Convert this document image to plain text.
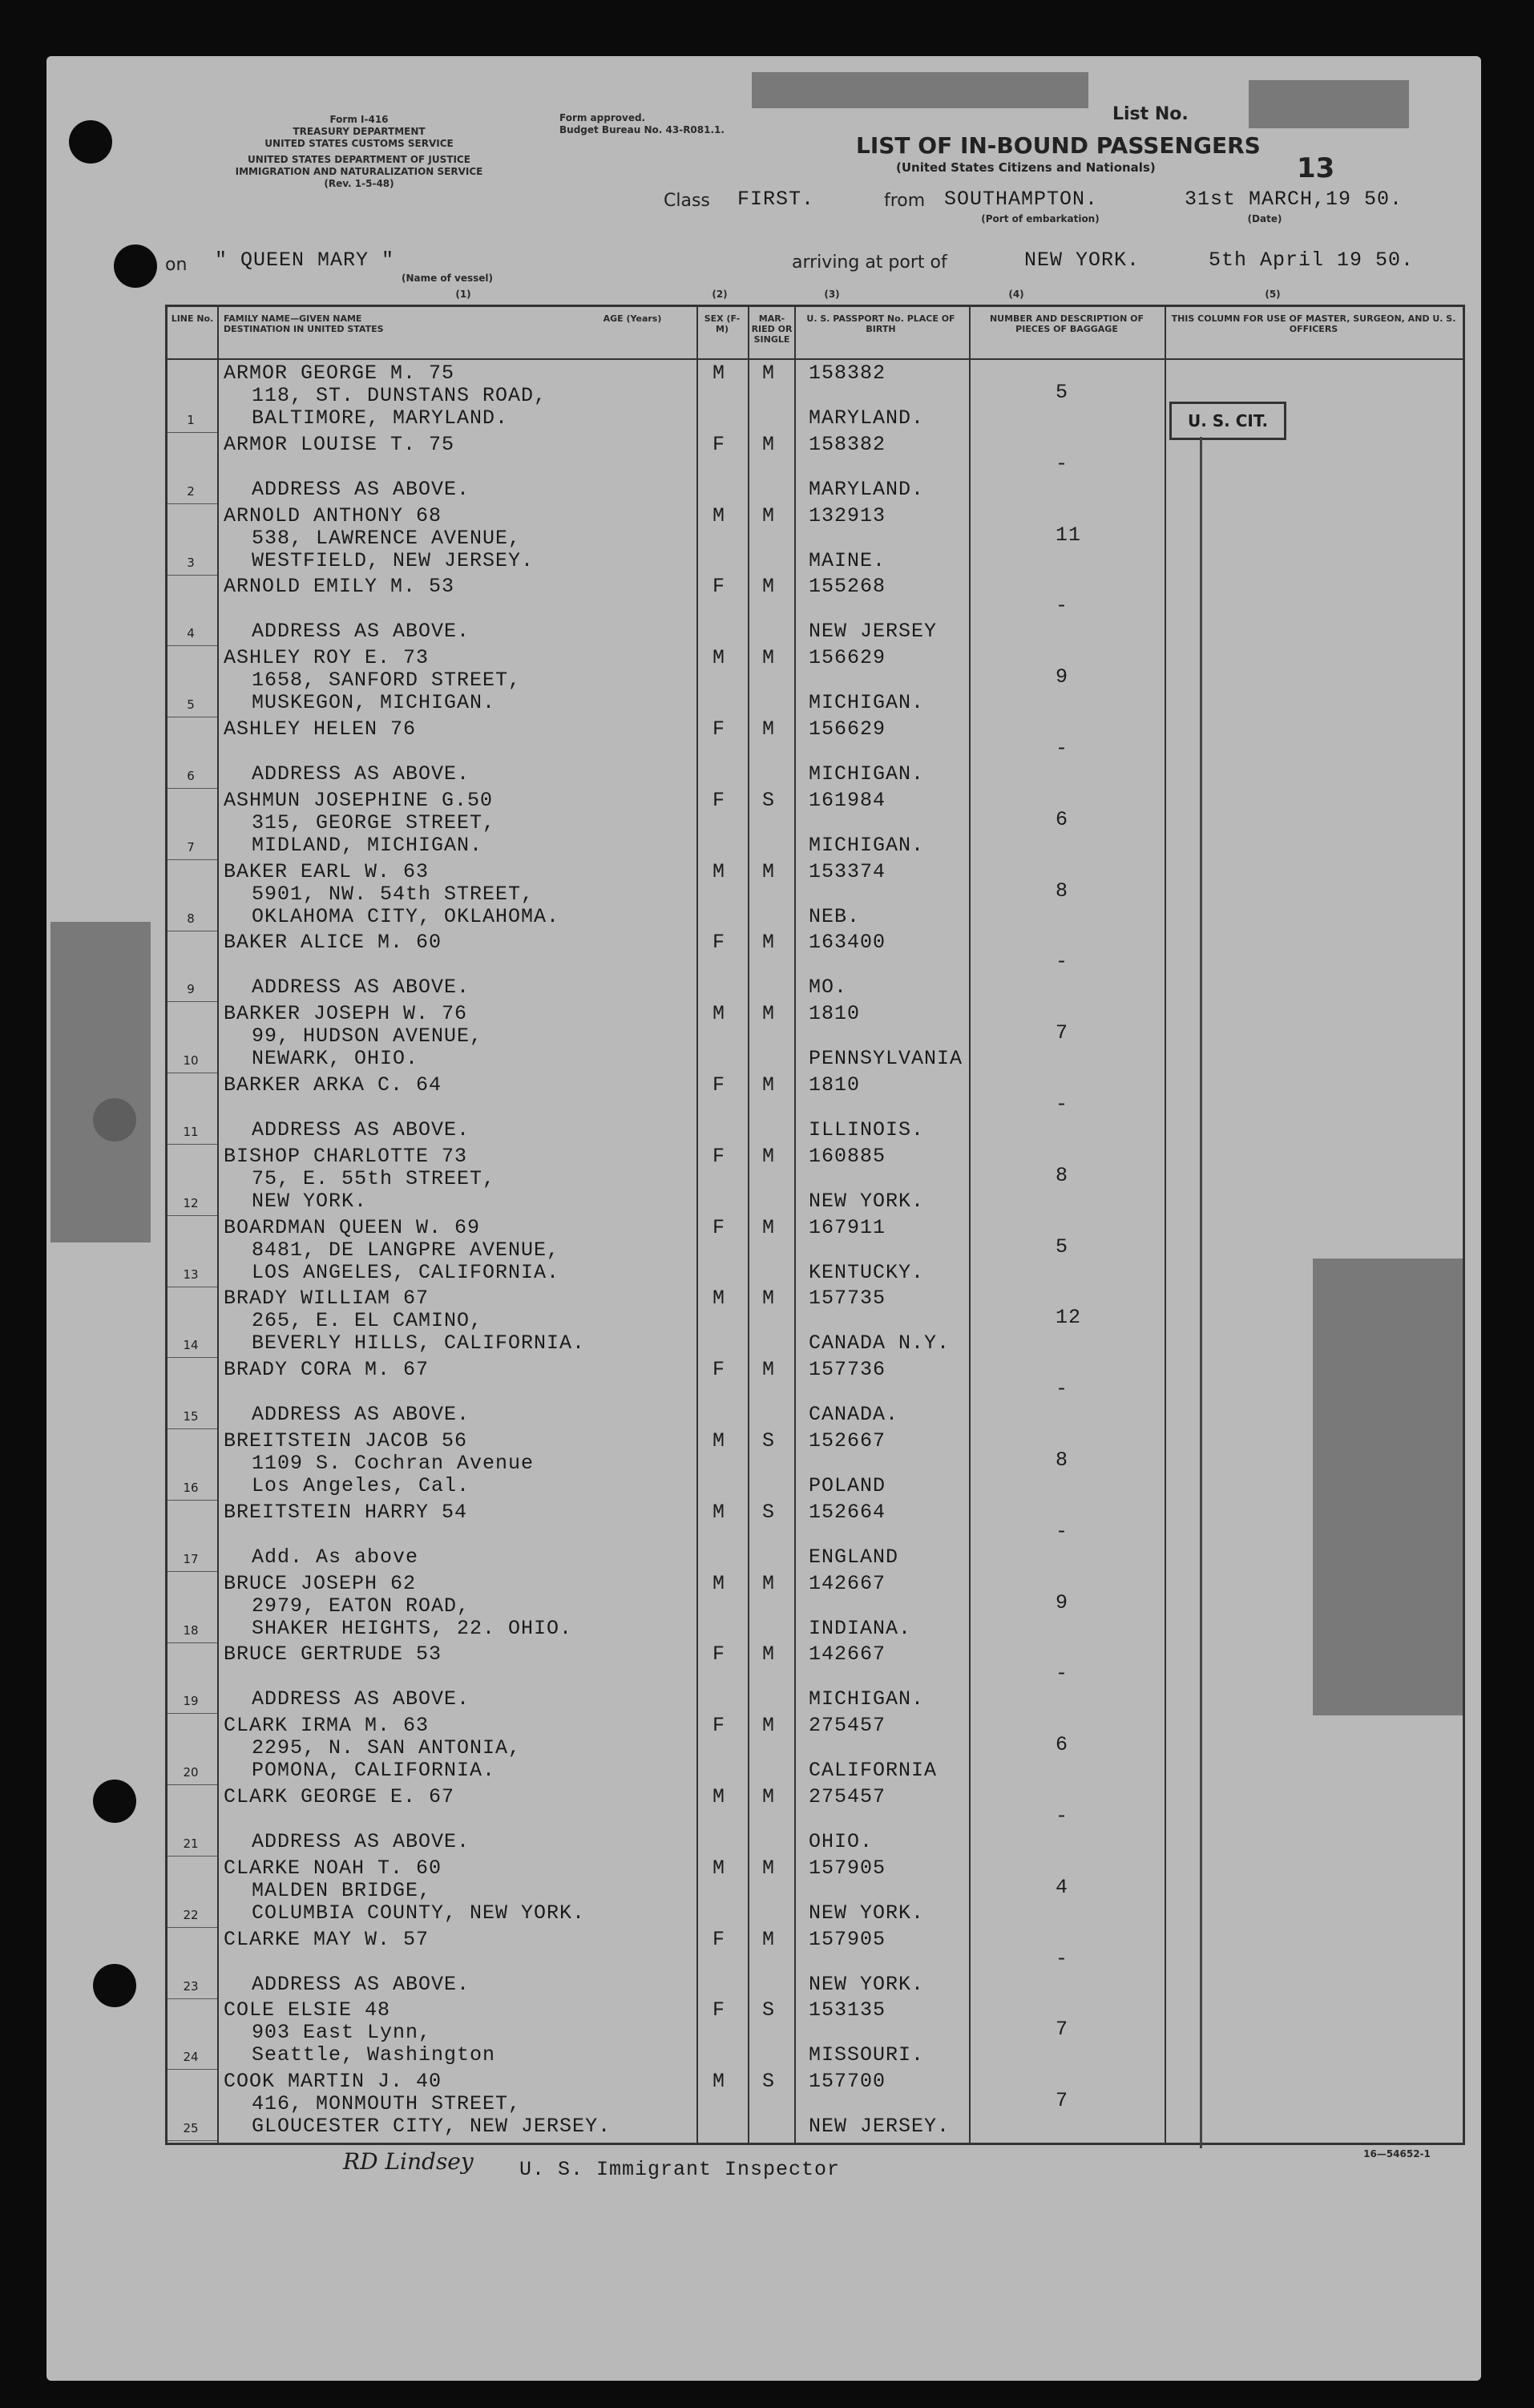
Form I-416
TREASURY DEPARTMENT
UNITED STATES CUSTOMS SERVICE
UNITED STATES DEPARTMENT OF JUSTICE
IMMIGRATION AND NATURALIZATION SERVICE
(Rev. 1-5-48)
Form approved.
Budget Bureau No. 43-R081.1.
List No.
13
LIST OF IN-BOUND PASSENGERS
(United States Citizens and Nationals)
Class FIRST.	from SOUTHAMPTON.
(Port of embarkation)
31st MARCH,19 50.
(Date)
on " QUEEN MARY "
(Name of vessel)
arriving at port of	NEW YORK.	5th April 19 50.
(1)	(2)	(3)	(4)	(5)
LINE No.	FAMILY NAME—GIVEN NAME
DESTINATION IN UNITED STATES
AGE (Years)	SEX (F-M)
MAR-RIED OR SINGLE
U. S. PASSPORT No. PLACE OF BIRTH
NUMBER AND DESCRIPTION OF PIECES OF BAGGAGE
THIS COLUMN FOR USE OF MASTER, SURGEON, AND U. S. OFFICERS
U. S. CIT.
1
ARMOR GEORGE M. 75
118, ST. DUNSTANS ROAD,
BALTIMORE, MARYLAND.
M M 158382
MARYLAND.
5
2
ARMOR LOUISE T. 75
ADDRESS AS ABOVE.
F M 158382
MARYLAND.
-
3
ARNOLD ANTHONY 68
538, LAWRENCE AVENUE,
WESTFIELD, NEW JERSEY.
M M 132913
MAINE.
11
4
ARNOLD EMILY M. 53
ADDRESS AS ABOVE.
F M 155268
NEW JERSEY
-
5
ASHLEY ROY E. 73
1658, SANFORD STREET,
MUSKEGON, MICHIGAN.
M M 156629
MICHIGAN.
9
6
ASHLEY HELEN 76
ADDRESS AS ABOVE.
F M 156629
MICHIGAN.
-
7
ASHMUN JOSEPHINE G.50
315, GEORGE STREET,
MIDLAND, MICHIGAN.
F S 161984
MICHIGAN.
6
8
BAKER EARL W. 63
5901, NW. 54th STREET,
OKLAHOMA CITY, OKLAHOMA.
M M 153374
NEB.
8
9
BAKER ALICE M. 60
ADDRESS AS ABOVE.
F M 163400
MO.
-
10
BARKER JOSEPH W. 76
99, HUDSON AVENUE,
NEWARK, OHIO.
M M 1810
PENNSYLVANIA
7
11
BARKER ARKA C. 64
ADDRESS AS ABOVE.
F M 1810
ILLINOIS.
-
12
BISHOP CHARLOTTE 73
75, E. 55th STREET,
NEW YORK.
F M 160885
NEW YORK.
8
13
BOARDMAN QUEEN W. 69
8481, DE LANGPRE AVENUE,
LOS ANGELES, CALIFORNIA.
F M 167911
KENTUCKY.
5
14
BRADY WILLIAM 67
265, E. EL CAMINO,
BEVERLY HILLS, CALIFORNIA.
M M 157735
CANADA N.Y.
12
15
BRADY CORA M. 67
ADDRESS AS ABOVE.
F M 157736
CANADA.
-
16
BREITSTEIN JACOB 56
1109 S. Cochran Avenue
Los Angeles, Cal.
M S 152667
POLAND
8
17
BREITSTEIN HARRY 54
Add. As above
M S 152664
ENGLAND
-
18
BRUCE JOSEPH 62
2979, EATON ROAD,
SHAKER HEIGHTS, 22. OHIO.
M M 142667
INDIANA.
9
19
BRUCE GERTRUDE 53
ADDRESS AS ABOVE.
F M 142667
MICHIGAN.
-
20
CLARK IRMA M. 63
2295, N. SAN ANTONIA,
POMONA, CALIFORNIA.
F M 275457
CALIFORNIA
6
21
CLARK GEORGE E. 67
ADDRESS AS ABOVE.
M M 275457
OHIO.
-
22
CLARKE NOAH T. 60
MALDEN BRIDGE,
COLUMBIA COUNTY, NEW YORK.
M M 157905
NEW YORK.
4
23
CLARKE MAY W. 57
ADDRESS AS ABOVE.
F M 157905
NEW YORK.
-
24
COLE ELSIE 48
903 East Lynn,
Seattle, Washington
F S 153135
MISSOURI.
7
25
COOK MARTIN J. 40
416, MONMOUTH STREET,
GLOUCESTER CITY, NEW JERSEY.
M S 157700
NEW JERSEY.
7
RD Lindsey U. S. Immigrant Inspector
16—54652-1
